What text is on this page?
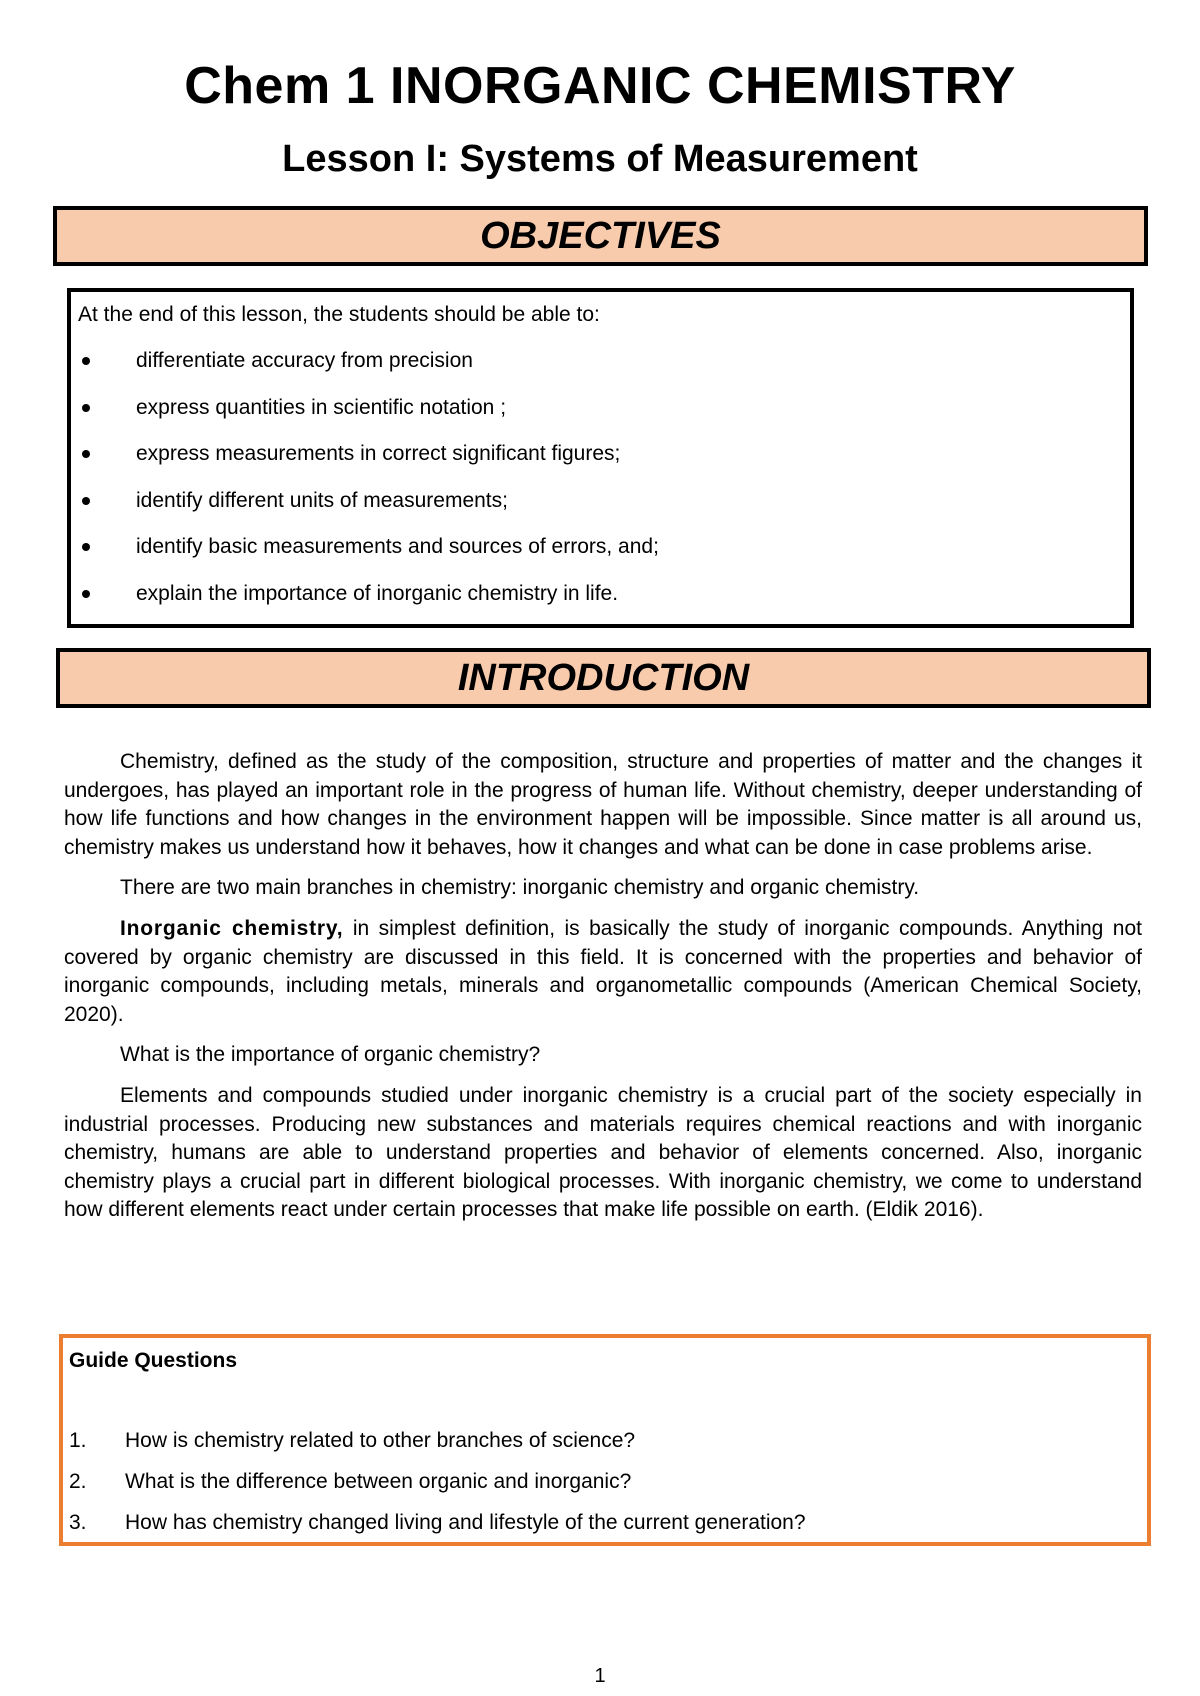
Chem 1 INORGANIC CHEMISTRY
Lesson I: Systems of Measurement
OBJECTIVES
At the end of this lesson, the students should be able to:
differentiate accuracy from precision
express quantities in scientific notation ;
express measurements in correct significant figures;
identify different units of measurements;
identify basic measurements and sources of errors, and;
explain the importance of inorganic chemistry in life.
INTRODUCTION

Chemistry, defined as the study of the composition, structure and properties of matter and the changes it undergoes, has played an important role in the progress of human life. Without chemistry, deeper understanding of how life functions and how changes in the environment happen will be impossible. Since matter is all around us, chemistry makes us understand how it behaves, how it changes and what can be done in case problems arise.

There are two main branches in chemistry: inorganic chemistry and organic chemistry.

Inorganic chemistry, in simplest definition, is basically the study of inorganic compounds. Anything not covered by organic chemistry are discussed in this field. It is concerned with the properties and behavior of inorganic compounds, including metals, minerals and organometallic compounds (American Chemical Society, 2020).

What is the importance of organic chemistry?

Elements and compounds studied under inorganic chemistry is a crucial part of the society especially in industrial processes. Producing new substances and materials requires chemical reactions and with inorganic chemistry, humans are able to understand properties and behavior of elements concerned. Also, inorganic chemistry plays a crucial part in different biological processes. With inorganic chemistry, we come to understand how different elements react under certain processes that make life possible on earth. (Eldik 2016).

Guide Questions
1. How is chemistry related to other branches of science?
2. What is the difference between organic and inorganic?
3. How has chemistry changed living and lifestyle of the current generation?
1
